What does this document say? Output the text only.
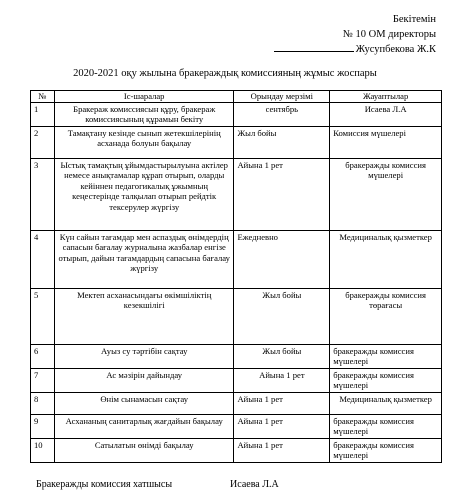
Бекітемін
№ 10 ОМ директоры
Жусупбекова Ж.К
2020-2021 оқу жылына бракераждық комиссияның жұмыс жоспары
№	Іс-шаралар	Орындау мерзімі	Жауаптылар
1	Бракераж комиссиясын құру, бракераж комиссиясының құрамын бекіту	сентябрь	Исаева Л.А
2	Тамақтану кезінде сынып жетекшілерінің асханада болуын бақылау	Жыл бойы	Комиссия мүшелері
3	Ыстық тамақтың ұйымдастырылуына актілер немесе анықтамалар құрап отырып, оларды кейіннен педагогикалық ұжымның кеңестерінде талқылап отырып рейдтік тексерулер жүргізу	Айына 1 рет	бракеражды комиссия мүшелері
4	Күн сайын тағамдар мен аспаздық өнімдердің сапасын бағалау журналына жазбалар енгізе отырып, дайын тағамдардың сапасына бағалау жүргізу	Ежедневно	Медициналық қызметкер
5	Мектеп асханасындағы өкімшіліктің кезекшілігі	Жыл бойы	бракеражды комиссия төрағасы
6	Ауыз су тәртібін сақтау	Жыл бойы	бракеражды комиссия мүшелері
7	Ас мәзірін дайындау	Айына 1 рет	бракеражды комиссия мүшелері
8	Өнім сынамасын сақтау	Айына 1 рет	Медициналық қызметкер
9	Асхананың санитарлық жағдайын бақылау	Айына 1 рет	бракеражды комиссия мүшелері
10	Сатылатын өнімді бақылау	Айына 1 рет	бракеражды комиссия мүшелері
Бракеражды комиссия хатшысы	Исаева Л.А
